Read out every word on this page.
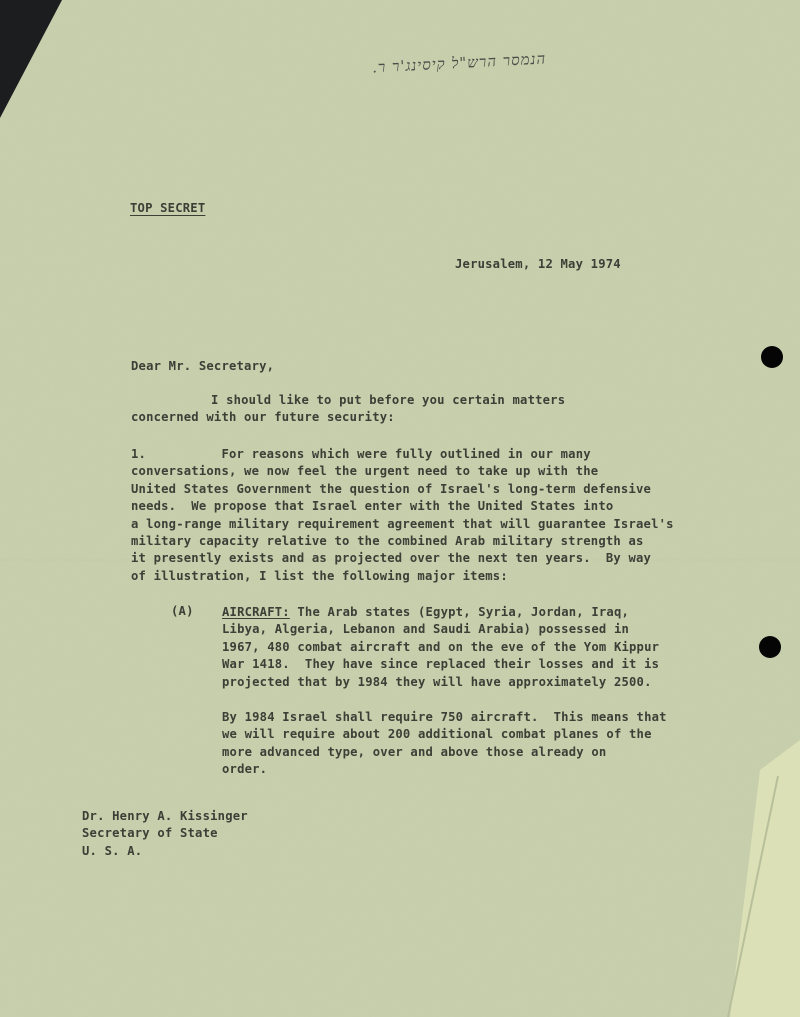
הנמסר הרש"ל קיסינג'ר ר.
TOP SECRET
Jerusalem, 12 May 1974
Dear Mr. Secretary,
I should like to put before you certain matters
concerned with our future security:
1.	For reasons which were fully outlined in our many
conversations, we now feel the urgent need to take up with the
United States Government the question of Israel's long-term defensive
needs.  We propose that Israel enter with the United States into
a long-range military requirement agreement that will guarantee Israel's
military capacity relative to the combined Arab military strength as
it presently exists and as projected over the next ten years.  By way
of illustration, I list the following major items:
(A) AIRCRAFT: The Arab states (Egypt, Syria, Jordan, Iraq,
Libya, Algeria, Lebanon and Saudi Arabia) possessed in
1967, 480 combat aircraft and on the eve of the Yom Kippur
War 1418.  They have since replaced their losses and it is
projected that by 1984 they will have approximately 2500.
By 1984 Israel shall require 750 aircraft.  This means that
we will require about 200 additional combat planes of the
more advanced type, over and above those already on
order.
Dr. Henry A. Kissinger
Secretary of State
U. S. A.
